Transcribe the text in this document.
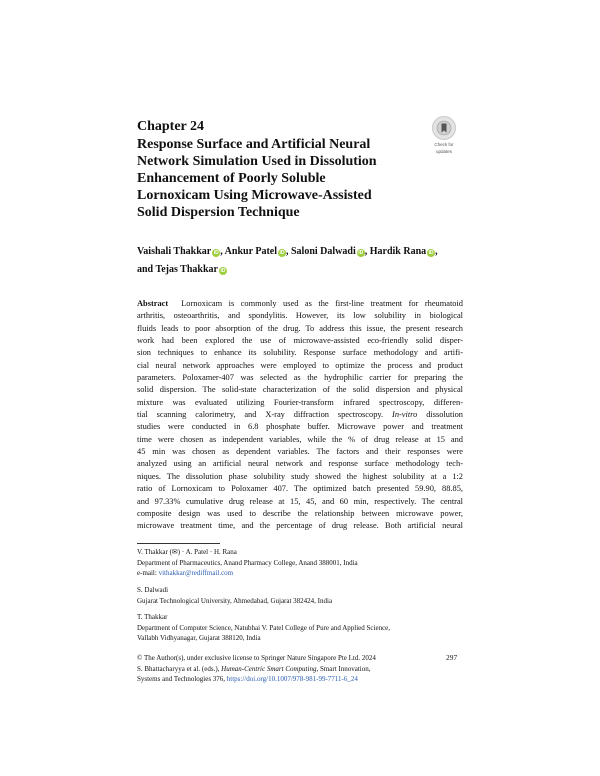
Chapter 24
Response Surface and Artificial Neural
Network Simulation Used in Dissolution
Enhancement of Poorly Soluble
Lornoxicam Using Microwave-Assisted
Solid Dispersion Technique
Check for
updates
Vaishali Thakkar iD , Ankur Patel iD , Saloni Dalwadi iD , Hardik Rana iD ,
and Tejas Thakkar iD
Abstract Lornoxicam is commonly used as the first-line treatment for rheumatoid
arthritis, osteoarthritis, and spondylitis. However, its low solubility in biological
fluids leads to poor absorption of the drug. To address this issue, the present research
work had been explored the use of microwave-assisted eco-friendly solid disper-
sion techniques to enhance its solubility. Response surface methodology and artifi-
cial neural network approaches were employed to optimize the process and product
parameters. Poloxamer-407 was selected as the hydrophilic carrier for preparing the
solid dispersion. The solid-state characterization of the solid dispersion and physical
mixture was evaluated utilizing Fourier-transform infrared spectroscopy, differen-
tial scanning calorimetry, and X-ray diffraction spectroscopy. In-vitro dissolution
studies were conducted in 6.8 phosphate buffer. Microwave power and treatment
time were chosen as independent variables, while the % of drug release at 15 and
45 min was chosen as dependent variables. The factors and their responses were
analyzed using an artificial neural network and response surface methodology tech-
niques. The dissolution phase solubility study showed the highest solubility at a 1:2
ratio of Lornoxicam to Poloxamer 407. The optimized batch presented 59.90, 88.85,
and 97.33% cumulative drug release at 15, 45, and 60 min, respectively. The central
composite design was used to describe the relationship between microwave power,
microwave treatment time, and the percentage of drug release. Both artificial neural
V. Thakkar (✉) · A. Patel · H. Rana
Department of Pharmaceutics, Anand Pharmacy College, Anand 388001, India
e-mail: vithakkar@rediffmail.com
S. Dalwadi
Gujarat Technological University, Ahmedabad, Gujarat 382424, India
T. Thakkar
Department of Computer Science, Natubhai V. Patel College of Pure and Applied Science,
Vallabh Vidhyanagar, Gujarat 388120, India
© The Author(s), under exclusive license to Springer Nature Singapore Pte Ltd. 2024
S. Bhattacharyya et al. (eds.), Human-Centric Smart Computing, Smart Innovation,
Systems and Technologies 376, https://doi.org/10.1007/978-981-99-7711-6_24
297
